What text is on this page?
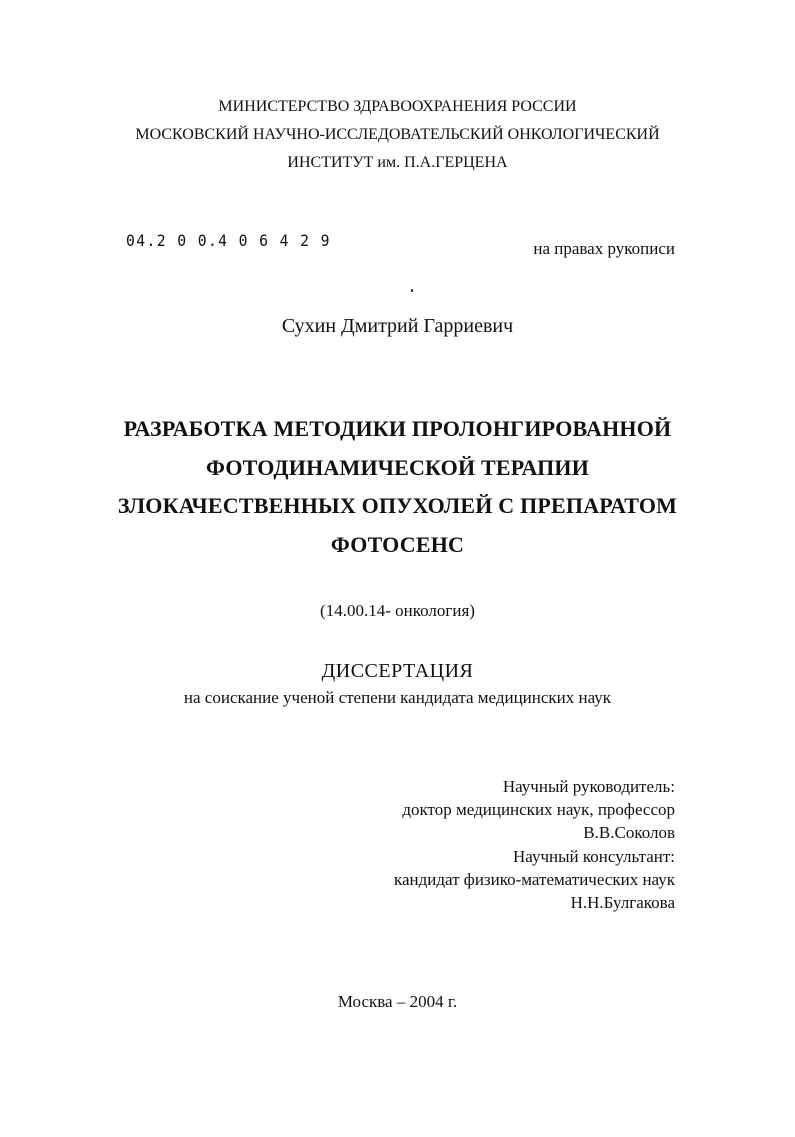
МИНИСТЕРСТВО ЗДРАВООХРАНЕНИЯ РОССИИ
МОСКОВСКИЙ НАУЧНО-ИССЛЕДОВАТЕЛЬСКИЙ ОНКОЛОГИЧЕСКИЙ
ИНСТИТУТ им. П.А.ГЕРЦЕНА
04.2 0 0.4 0 6 4 2 9	на правах рукописи
Сухин Дмитрий Гарриевич
РАЗРАБОТКА МЕТОДИКИ ПРОЛОНГИРОВАННОЙ
ФОТОДИНАМИЧЕСКОЙ ТЕРАПИИ
ЗЛОКАЧЕСТВЕННЫХ ОПУХОЛЕЙ С ПРЕПАРАТОМ
ФОТОСЕНС
(14.00.14- онкология)
ДИССЕРТАЦИЯ
на соискание ученой степени кандидата медицинских наук
Научный руководитель:
доктор медицинских наук, профессор
В.В.Соколов
Научный консультант:
кандидат физико-математических наук
Н.Н.Булгакова
Москва – 2004 г.
